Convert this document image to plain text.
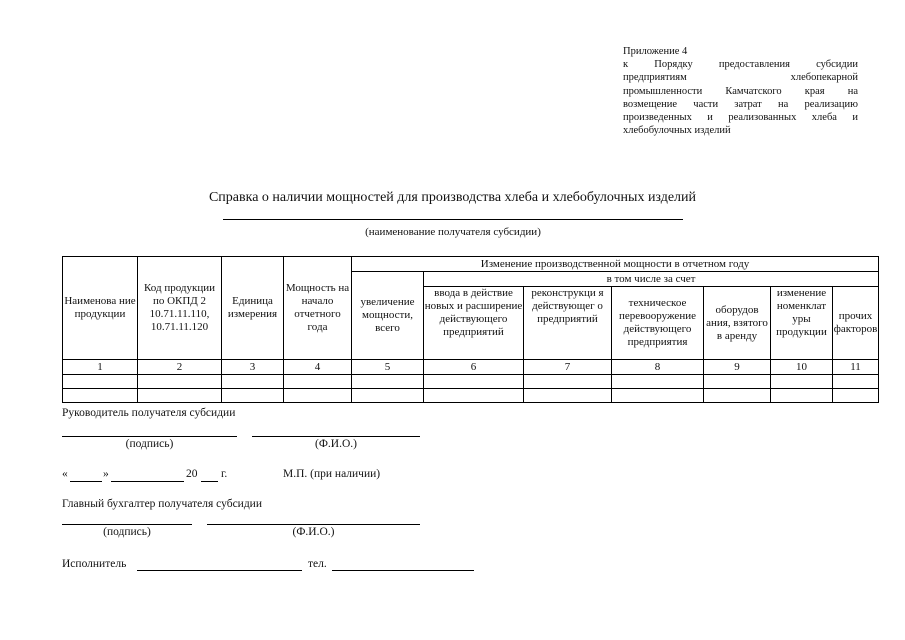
Приложение 4
к Порядку предоставления субсидии
предприятиям хлебопекарной
промышленности Камчатского края на
возмещение части затрат на реализацию
произведенных и реализованных хлеба и
хлебобулочных изделий
Справка о наличии мощностей для производства хлеба и хлебобулочных изделий
(наименование получателя субсидии)
Наименова ние продукции	Код продукции по ОКПД 2 10.71.11.110, 10.71.11.120	Единица измерения	Мощность на начало отчетного года	Изменение производственной мощности в отчетном году						
				увеличение мощности, всего	в том числе за счет					
					ввода в действие новых и расширение действующего предприятий	реконструкци я действующег о предприятий	техническое перевооружение действующего предприятия	оборудов ания, взятого в аренду	изменение номенклат уры продукции	прочих факторов
1	2	3	4	5	6	7	8	9	10	11

Руководитель получателя субсидии
(подпись)	(Ф.И.О.)
«	»	20 г.	М.П. (при наличии)
Главный бухгалтер получателя субсидии
(подпись)	(Ф.И.О.)
Исполнитель	тел.
